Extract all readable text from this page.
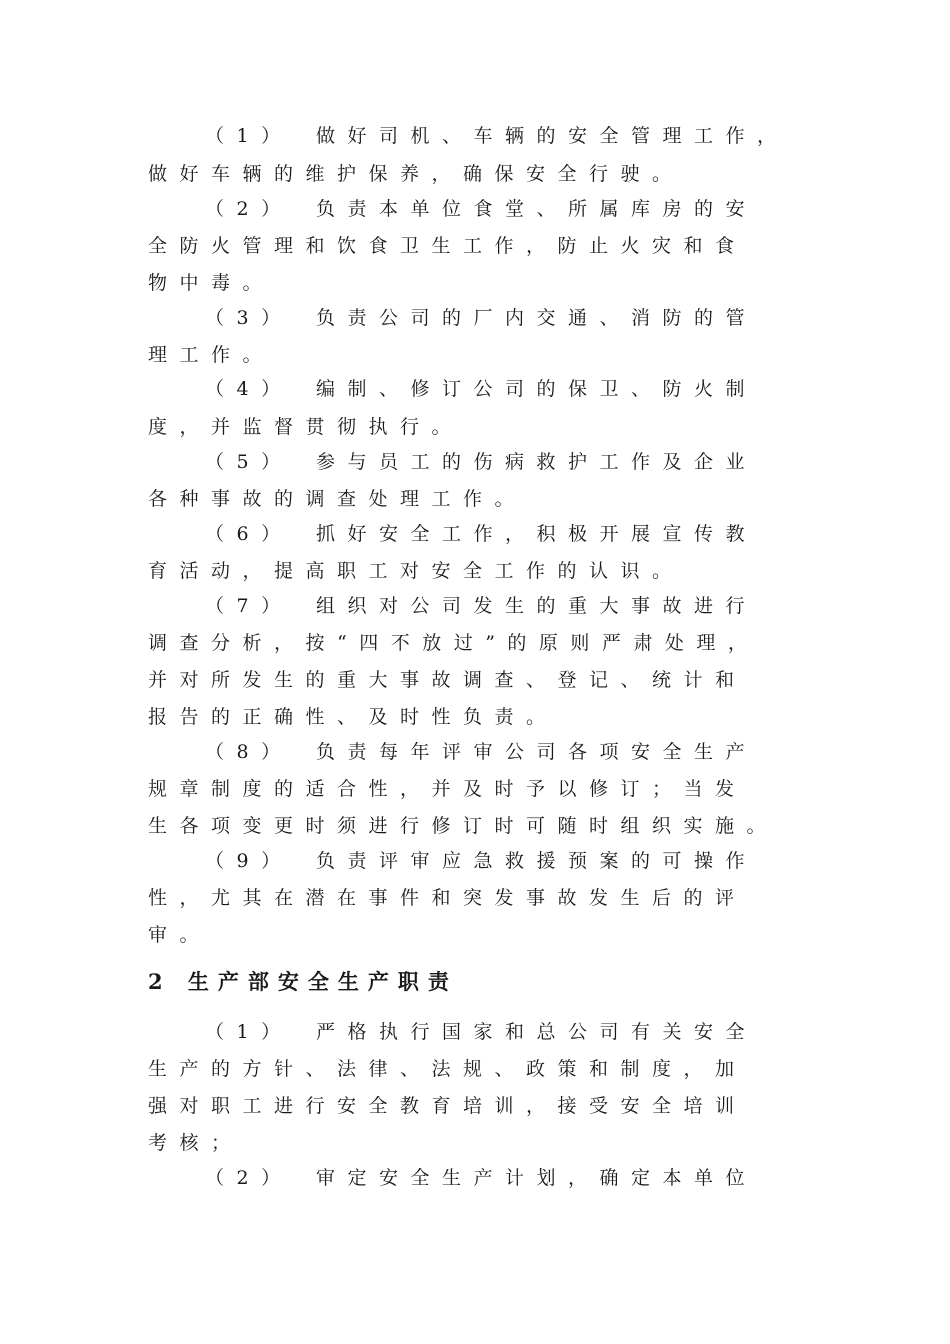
（1） 做好司机、车辆的安全管理工作，
做好车辆的维护保养，确保安全行驶。
（2） 负责本单位食堂、所属库房的安
全防火管理和饮食卫生工作，防止火灾和食
物中毒。
（3） 负责公司的厂内交通、消防的管
理工作。
（4） 编制、修订公司的保卫、防火制
度，并监督贯彻执行。
（5） 参与员工的伤病救护工作及企业
各种事故的调查处理工作。
（6） 抓好安全工作，积极开展宣传教
育活动，提高职工对安全工作的认识。
（7） 组织对公司发生的重大事故进行
调查分析，按“四不放过”的原则严肃处理，
并对所发生的重大事故调查、登记、统计和
报告的正确性、及时性负责。
（8） 负责每年评审公司各项安全生产
规章制度的适合性，并及时予以修订；当发
生各项变更时须进行修订时可随时组织实施。
（9） 负责评审应急救援预案的可操作
性，尤其在潜在事件和突发事故发生后的评
审。
2 生产部安全生产职责
（1） 严格执行国家和总公司有关安全
生产的方针、法律、法规、政策和制度，加
强对职工进行安全教育培训，接受安全培训
考核；
（2） 审定安全生产计划，确定本单位
